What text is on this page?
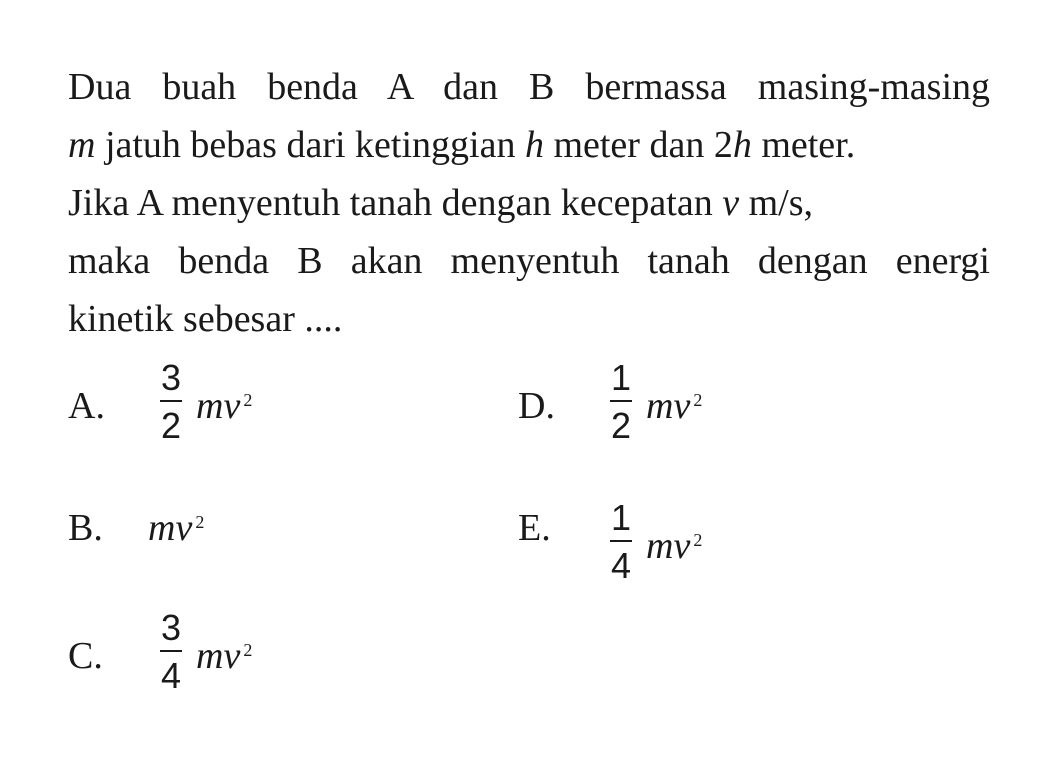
Dua buah benda A dan B bermassa masing-masing
m jatuh bebas dari ketinggian h meter dan 2h meter.
Jika A menyentuh tanah dengan kecepatan v m/s,
maka benda B akan menyentuh tanah dengan energi
kinetik sebesar ....
A.
3
2 mv $^2$
B. mv $^2$
C.
3
4 mv $^2$
D.
1
2 mv $^2$
E. 1
4 mv $^2$
